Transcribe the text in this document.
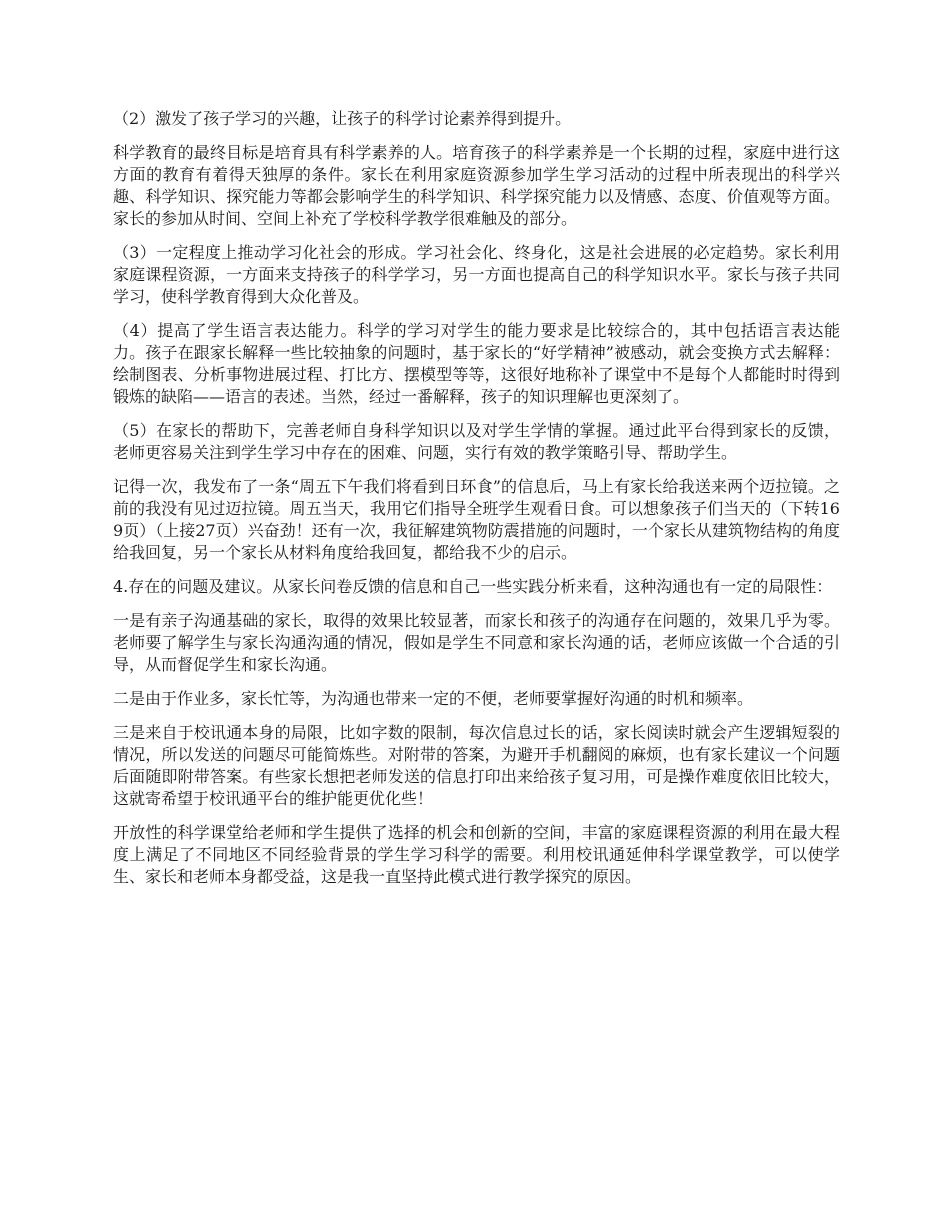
（2）激发了孩子学习的兴趣，让孩子的科学讨论素养得到提升。

科学教育的最终目标是培育具有科学素养的人。培育孩子的科学素养是一个长期的过程，家庭中进行这方面的教育有着得天独厚的条件。家长在利用家庭资源参加学生学习活动的过程中所表现出的科学兴趣、科学知识、探究能力等都会影响学生的科学知识、科学探究能力以及情感、态度、价值观等方面。家长的参加从时间、空间上补充了学校科学教学很难触及的部分。

（3）一定程度上推动学习化社会的形成。学习社会化、终身化，这是社会进展的必定趋势。家长利用家庭课程资源，一方面来支持孩子的科学学习，另一方面也提高自己的科学知识水平。家长与孩子共同学习，使科学教育得到大众化普及。

（4）提高了学生语言表达能力。科学的学习对学生的能力要求是比较综合的，其中包括语言表达能力。孩子在跟家长解释一些比较抽象的问题时，基于家长的“好学精神”被感动，就会变换方式去解释：绘制图表、分析事物进展过程、打比方、摆模型等等，这很好地称补了课堂中不是每个人都能时时得到锻炼的缺陷——语言的表述。当然，经过一番解释，孩子的知识理解也更深刻了。

（5）在家长的帮助下，完善老师自身科学知识以及对学生学情的掌握。通过此平台得到家长的反馈，老师更容易关注到学生学习中存在的困难、问题，实行有效的教学策略引导、帮助学生。

记得一次，我发布了一条“周五下午我们将看到日环食”的信息后，马上有家长给我送来两个迈拉镜。之前的我没有见过迈拉镜。周五当天，我用它们指导全班学生观看日食。可以想象孩子们当天的（下转169页）（上接27页）兴奋劲！还有一次，我征解建筑物防震措施的问题时，一个家长从建筑物结构的角度给我回复，另一个家长从材料角度给我回复，都给我不少的启示。

4.存在的问题及建议。从家长问卷反馈的信息和自己一些实践分析来看，这种沟通也有一定的局限性：

一是有亲子沟通基础的家长，取得的效果比较显著，而家长和孩子的沟通存在问题的，效果几乎为零。老师要了解学生与家长沟通沟通的情况，假如是学生不同意和家长沟通的话，老师应该做一个合适的引导，从而督促学生和家长沟通。

二是由于作业多，家长忙等，为沟通也带来一定的不便，老师要掌握好沟通的时机和频率。

三是来自于校讯通本身的局限，比如字数的限制，每次信息过长的话，家长阅读时就会产生逻辑短裂的情况，所以发送的问题尽可能简炼些。对附带的答案，为避开手机翻阅的麻烦，也有家长建议一个问题后面随即附带答案。有些家长想把老师发送的信息打印出来给孩子复习用，可是操作难度依旧比较大，这就寄希望于校讯通平台的维护能更优化些！

开放性的科学课堂给老师和学生提供了选择的机会和创新的空间，丰富的家庭课程资源的利用在最大程度上满足了不同地区不同经验背景的学生学习科学的需要。利用校讯通延伸科学课堂教学，可以使学生、家长和老师本身都受益，这是我一直坚持此模式进行教学探究的原因。
